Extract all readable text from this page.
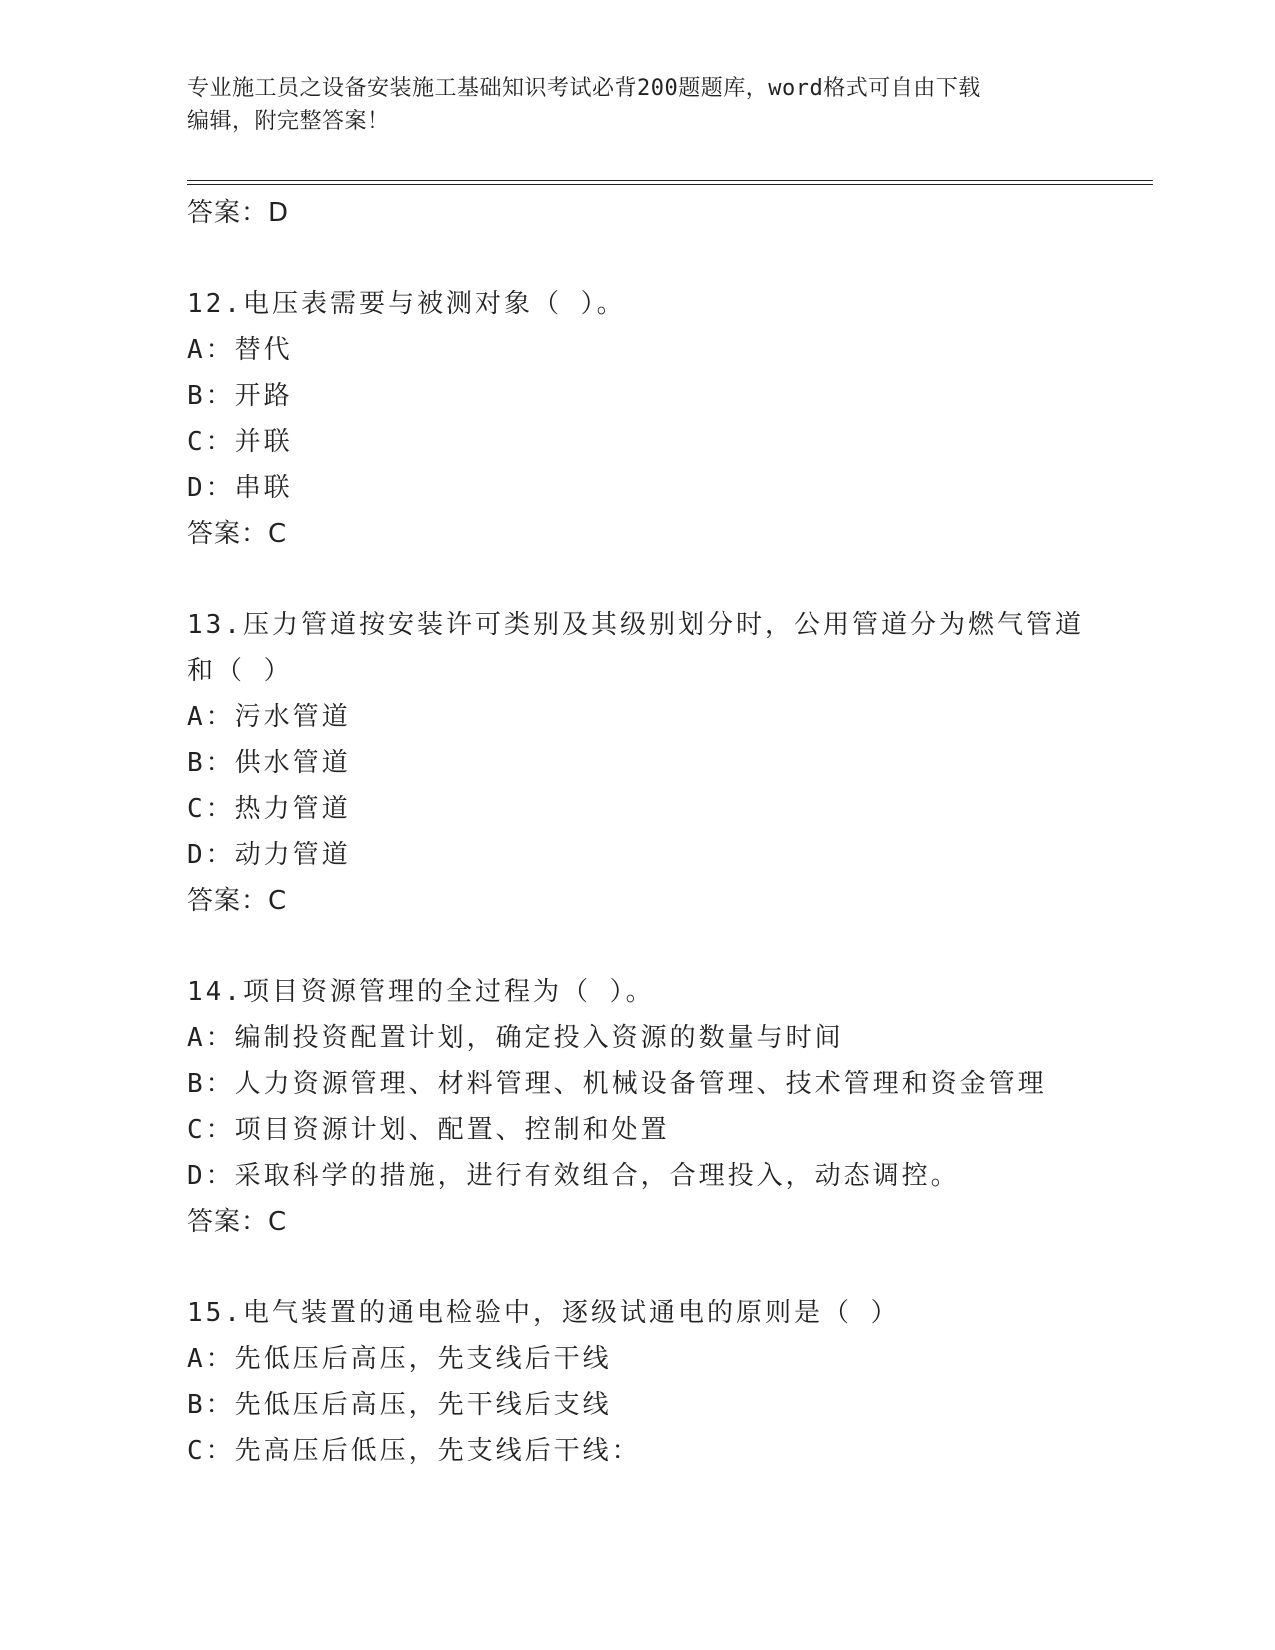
专业施工员之设备安装施工基础知识考试必背200题题库，word格式可自由下载
编辑，附完整答案！
答案：D
12.电压表需要与被测对象（ ）。
A：替代
B：开路
C：并联
D：串联
答案：C
13.压力管道按安装许可类别及其级别划分时，公用管道分为燃气管道
和（ ）
A：污水管道
B：供水管道
C：热力管道
D：动力管道
答案：C
14.项目资源管理的全过程为（ ）。
A：编制投资配置计划，确定投入资源的数量与时间
B：人力资源管理、材料管理、机械设备管理、技术管理和资金管理
C：项目资源计划、配置、控制和处置
D：采取科学的措施，进行有效组合，合理投入，动态调控。
答案：C
15.电气装置的通电检验中，逐级试通电的原则是（ ）
A：先低压后高压，先支线后干线
B：先低压后高压，先干线后支线
C：先高压后低压，先支线后干线：
